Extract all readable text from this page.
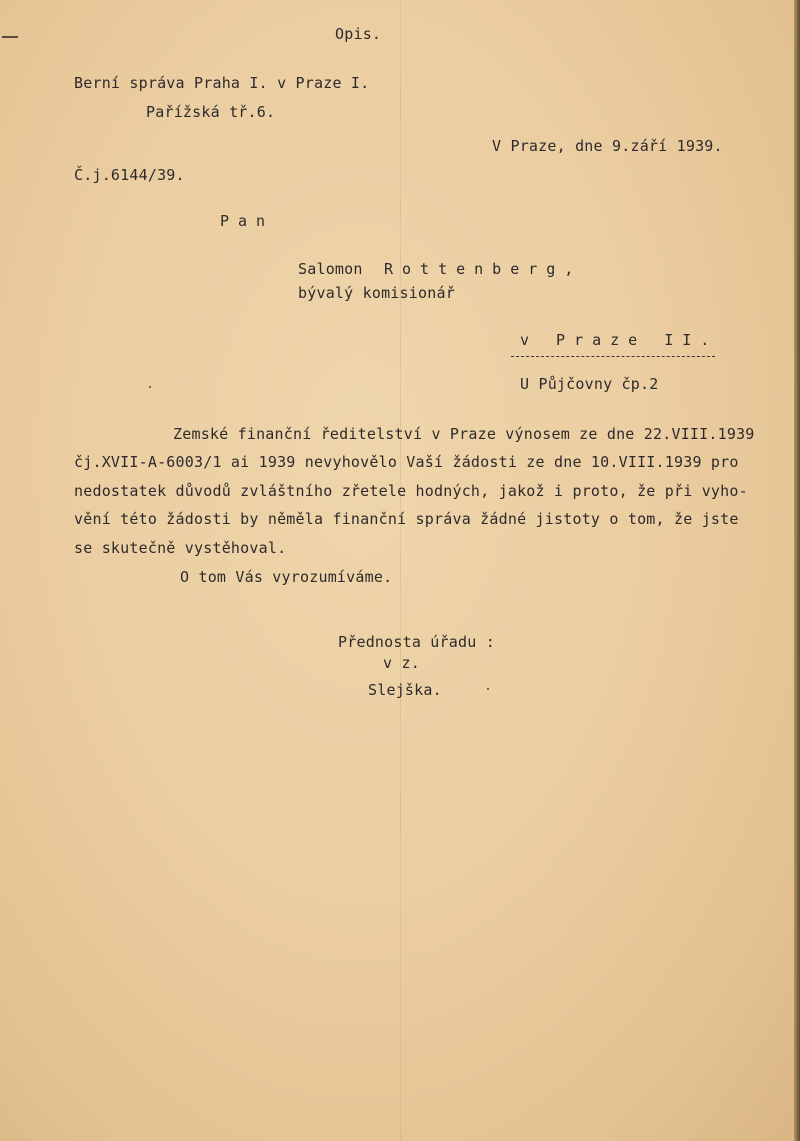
Opis.
Berní správa Praha I. v Praze I.
Pařížská tř.6.
V Praze, dne 9.září 1939.
Č.j.6144/39.
Pan
Salomon Rottenberg,
bývalý komisionář
v Praze II.
U Půjčovny čp.2
Zemské finanční ředitelství v Praze výnosem ze dne 22.VIII.1939
čj.XVII-A-6003/1 ai 1939 nevyhovělo Vaší žádosti ze dne 10.VIII.1939 pro
nedostatek důvodů zvláštního zřetele hodných, jakož i proto, že při vyho-
vění této žádosti by něměla finanční správa žádné jistoty o tom, že jste
se skutečně vystěhoval.
O tom Vás vyrozumíváme.
Přednosta úřadu :
v z.
Slejška.
